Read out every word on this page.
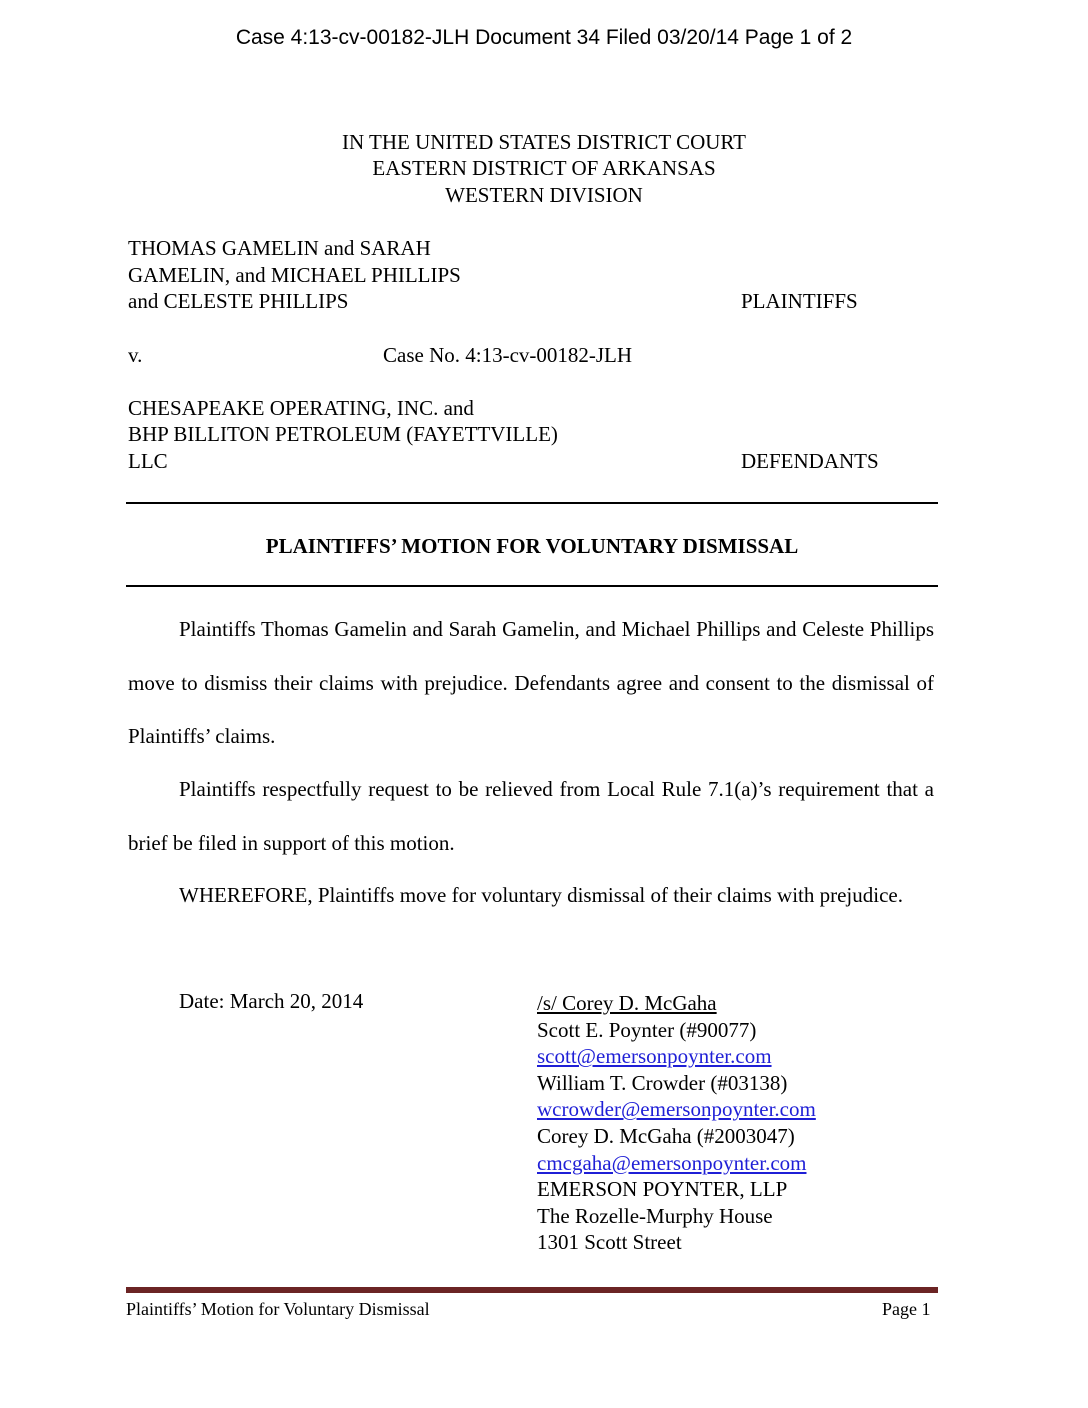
Case 4:13-cv-00182-JLH Document 34 Filed 03/20/14 Page 1 of 2
IN THE UNITED STATES DISTRICT COURT
EASTERN DISTRICT OF ARKANSAS
WESTERN DIVISION
THOMAS GAMELIN and SARAH
GAMELIN, and MICHAEL PHILLIPS
and CELESTE PHILLIPS	PLAINTIFFS
v.	Case No. 4:13-cv-00182-JLH
CHESAPEAKE OPERATING, INC. and
BHP BILLITON PETROLEUM (FAYETTVILLE)
LLC	DEFENDANTS
PLAINTIFFS’ MOTION FOR VOLUNTARY DISMISSAL
Plaintiffs Thomas Gamelin and Sarah Gamelin, and Michael Phillips and Celeste Phillips move to dismiss their claims with prejudice. Defendants agree and consent to the dismissal of Plaintiffs’ claims.
Plaintiffs respectfully request to be relieved from Local Rule 7.1(a)’s requirement that a brief be filed in support of this motion.
WHEREFORE, Plaintiffs move for voluntary dismissal of their claims with prejudice.
Date: March 20, 2014	/s/ Corey D. McGaha
Scott E. Poynter (#90077)
scott@emersonpoynter.com
William T. Crowder (#03138)
wcrowder@emersonpoynter.com
Corey D. McGaha (#2003047)
cmcgaha@emersonpoynter.com
EMERSON POYNTER, LLP
The Rozelle-Murphy House
1301 Scott Street
Plaintiffs’ Motion for Voluntary Dismissal	Page 1
